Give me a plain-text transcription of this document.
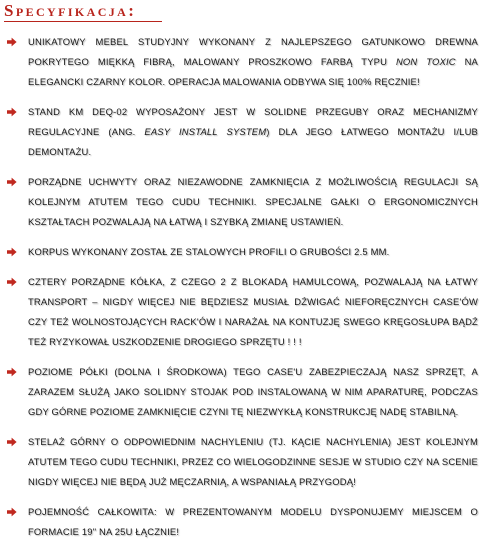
Specyfikacja:
UNIKATOWY MEBEL STUDYJNY WYKONANY Z NAJLEPSZEGO GATUNKOWO DREWNA POKRYTEGO MIĘKKĄ FIBRĄ, MALOWANY PROSZKOWO FARBĄ TYPU NON TOXIC NA ELEGANCKI CZARNY KOLOR. OPERACJA MALOWANIA ODBYWA SIĘ 100% RĘCZNIE!
STAND KM DEQ-02 WYPOSAŻONY JEST W SOLIDNE PRZEGUBY ORAZ MECHANIZMY REGULACYJNE (ANG. EASY INSTALL SYSTEM) DLA JEGO ŁATWEGO MONTAŻU I/LUB DEMONTAŻU.
PORZĄDNE UCHWYTY ORAZ NIEZAWODNE ZAMKNIĘCIA Z MOŻLIWOŚCIĄ REGULACJI SĄ KOLEJNYM ATUTEM TEGO CUDU TECHNIKI. SPECJALNE GAŁKI O ERGONOMICZNYCH KSZTAŁTACH POZWALAJĄ NA ŁATWĄ I SZYBKĄ ZMIANĘ USTAWIEŃ.
KORPUS WYKONANY ZOSTAŁ ZE STALOWYCH PROFILI O GRUBOŚCI 2.5 MM.
CZTERY PORZĄDNE KÓŁKA, Z CZEGO 2 Z BLOKADĄ HAMULCOWĄ, POZWALAJĄ NA ŁATWY TRANSPORT – NIGDY WIĘCEJ NIE BĘDZIESZ MUSIAŁ DŹWIGAĆ NIEFORĘCZNYCH CASE'ÓW CZY TEŻ WOLNOSTOJĄCYCH RACK'ÓW I NARAŻAŁ NA KONTUZJĘ SWEGO KRĘGOSŁUPA BĄDŹ TEŻ RYZYKOWAŁ USZKODZENIE DROGIEGO SPRZĘTU ! ! !
POZIOME PÓŁKI (DOLNA I ŚRODKOWA) TEGO CASE'U ZABEZPIECZAJĄ NASZ SPRZĘT, A ZARAZEM SŁUŻĄ JAKO SOLIDNY STOJAK POD INSTALOWANĄ W NIM APARATURĘ, PODCZAS GDY GÓRNE POZIOME ZAMKNIĘCIE CZYNI TĘ NIEZWYKŁĄ KONSTRUKCJĘ NADĘ STABILNĄ.
STELAŻ GÓRNY O ODPOWIEDNIM NACHYLENIU (TJ. KĄCIE NACHYLENIA) JEST KOLEJNYM ATUTEM TEGO CUDU TECHNIKI, PRZEZ CO WIELOGODZINNE SESJE W STUDIO CZY NA SCENIE NIGDY WIĘCEJ NIE BĘDĄ JUŻ MĘCZARNIĄ, A WSPANIAŁĄ PRZYGODĄ!
POJEMNOŚĆ CAŁKOWITA: W PREZENTOWANYM MODELU DYSPONUJEMY MIEJSCEM O FORMACIE 19" NA 25U ŁĄCZNIE!
